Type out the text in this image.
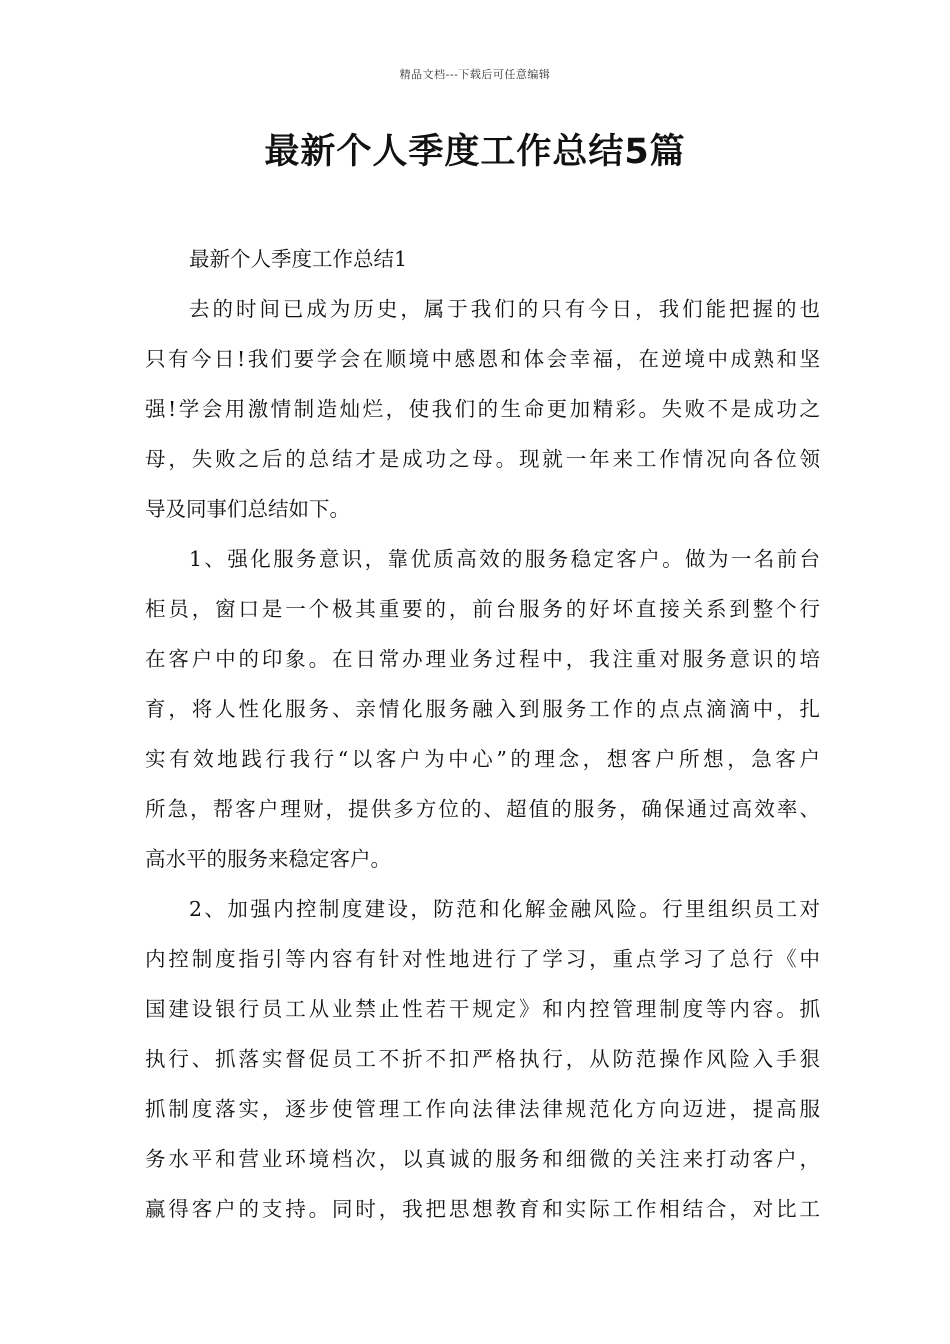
精品文档---下载后可任意编辑
最新个人季度工作总结5篇
最新个人季度工作总结1
去的时间已成为历史，属于我们的只有今日，我们能把握的也
只有今日!我们要学会在顺境中感恩和体会幸福，在逆境中成熟和坚
强!学会用激情制造灿烂，使我们的生命更加精彩。失败不是成功之
母，失败之后的总结才是成功之母。现就一年来工作情况向各位领
导及同事们总结如下。
1、强化服务意识，靠优质高效的服务稳定客户。做为一名前台
柜员，窗口是一个极其重要的，前台服务的好坏直接关系到整个行
在客户中的印象。在日常办理业务过程中，我注重对服务意识的培
育，将人性化服务、亲情化服务融入到服务工作的点点滴滴中，扎
实有效地践行我行“以客户为中心”的理念，想客户所想，急客户
所急，帮客户理财，提供多方位的、超值的服务，确保通过高效率、
高水平的服务来稳定客户。
2、加强内控制度建设，防范和化解金融风险。行里组织员工对
内控制度指引等内容有针对性地进行了学习，重点学习了总行《中
国建设银行员工从业禁止性若干规定》和内控管理制度等内容。抓
执行、抓落实督促员工不折不扣严格执行，从防范操作风险入手狠
抓制度落实，逐步使管理工作向法律法律规范化方向迈进，提高服
务水平和营业环境档次，以真诚的服务和细微的关注来打动客户，
赢得客户的支持。同时，我把思想教育和实际工作相结合，对比工
